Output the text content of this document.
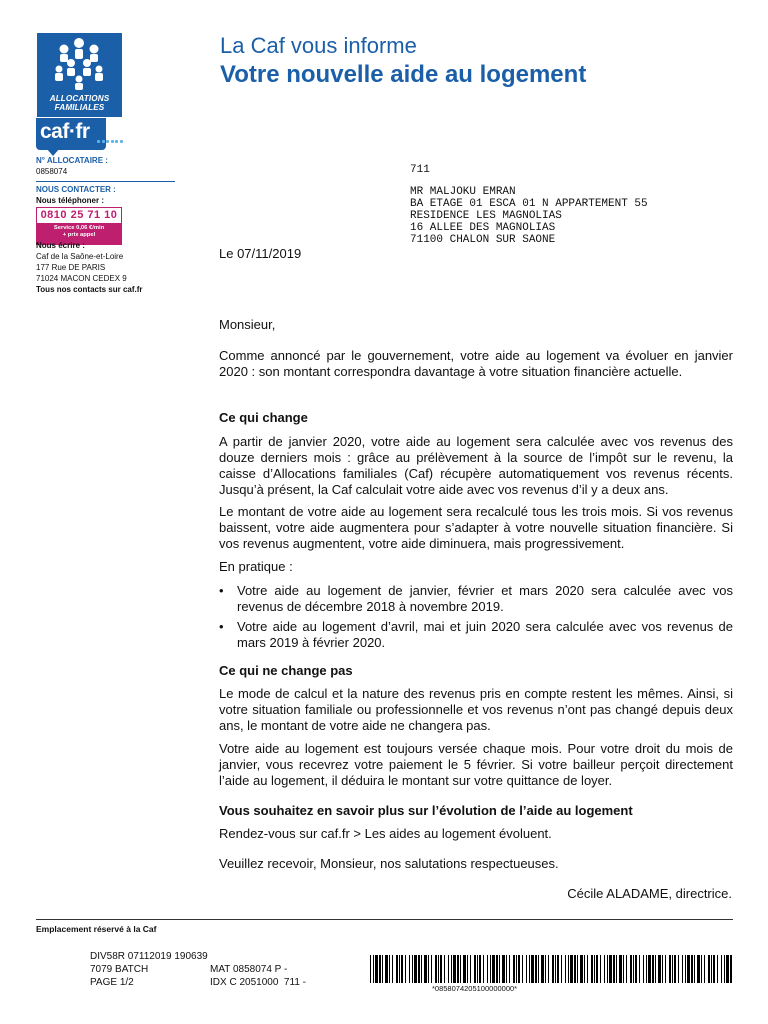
ALLOCATIONS
FAMILIALES
caf·fr
N° ALLOCATAIRE :
0858074
NOUS CONTACTER :
Nous téléphoner :
0810 25 71 10
Service 0,06 €/min
+ prix appel
Nous écrire :
Caf de la Saône-et-Loire
177 Rue DE PARIS
71024 MACON CEDEX 9
Tous nos contacts sur caf.fr
La Caf vous informe
Votre nouvelle aide au logement
711
MR MALJOKU EMRAN
BA ETAGE 01 ESCA 01 N APPARTEMENT 55
RESIDENCE LES MAGNOLIAS
16 ALLEE DES MAGNOLIAS
71100 CHALON SUR SAONE
Le 07/11/2019
Monsieur,
Comme annoncé par le gouvernement, votre aide au logement va évoluer en janvier 2020 : son montant correspondra davantage à votre situation financière actuelle.
Ce qui change
A partir de janvier 2020, votre aide au logement sera calculée avec vos revenus des douze derniers mois : grâce au prélèvement à la source de l’impôt sur le revenu, la caisse d’Allocations familiales (Caf) récupère automatiquement vos revenus récents. Jusqu’à présent, la Caf calculait votre aide avec vos revenus d’il y a deux ans.
Le montant de votre aide au logement sera recalculé tous les trois mois. Si vos revenus baissent, votre aide augmentera pour s’adapter à votre nouvelle situation financière. Si vos revenus augmentent, votre aide diminuera, mais progressivement.
En pratique :
• Votre aide au logement de janvier, février et mars 2020 sera calculée avec vos revenus de décembre 2018 à novembre 2019.
• Votre aide au logement d’avril, mai et juin 2020 sera calculée avec vos revenus de mars 2019 à février 2020.
Ce qui ne change pas
Le mode de calcul et la nature des revenus pris en compte restent les mêmes. Ainsi, si votre situation familiale ou professionnelle et vos revenus n’ont pas changé depuis deux ans, le montant de votre aide ne changera pas.
Votre aide au logement est toujours versée chaque mois. Pour votre droit du mois de janvier, vous recevrez votre paiement le 5 février. Si votre bailleur perçoit directement l’aide au logement, il déduira le montant sur votre quittance de loyer.
Vous souhaitez en savoir plus sur l’évolution de l’aide au logement
Rendez-vous sur caf.fr > Les aides au logement évoluent.
Veuillez recevoir, Monsieur, nos salutations respectueuses.
Cécile ALADAME, directrice.
Emplacement réservé à la Caf
DIV58R 07112019 190639
7079 BATCH
PAGE 1/2
MAT 0858074 P -
IDX C 2051000  711 -
*0858074205100000000*
